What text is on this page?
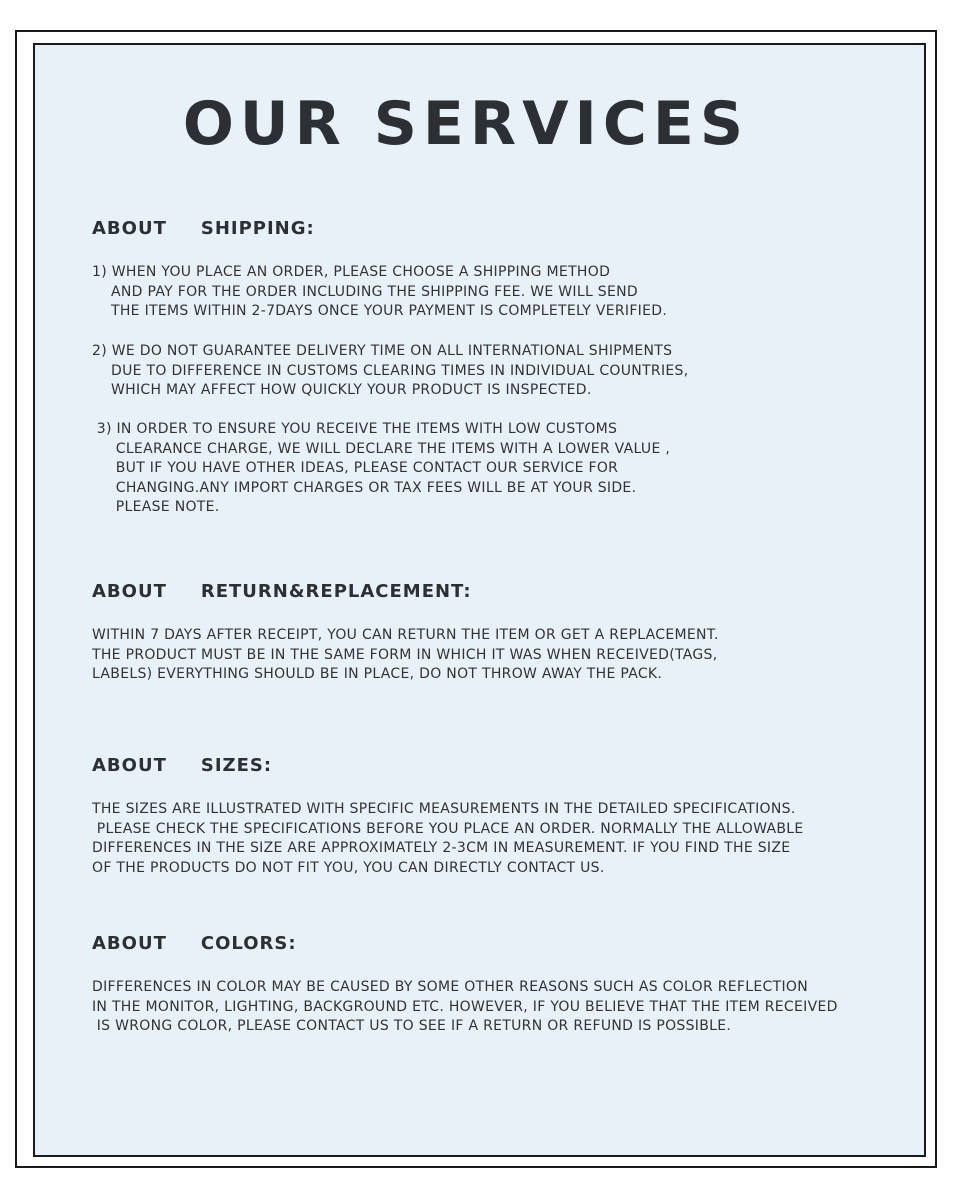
OUR SERVICES
ABOUT SHIPPING:

1) WHEN YOU PLACE AN ORDER, PLEASE CHOOSE A SHIPPING METHOD
AND PAY FOR THE ORDER INCLUDING THE SHIPPING FEE. WE WILL SEND
THE ITEMS WITHIN 2-7DAYS ONCE YOUR PAYMENT IS COMPLETELY VERIFIED.

2) WE DO NOT GUARANTEE DELIVERY TIME ON ALL INTERNATIONAL SHIPMENTS
DUE TO DIFFERENCE IN CUSTOMS CLEARING TIMES IN INDIVIDUAL COUNTRIES,
WHICH MAY AFFECT HOW QUICKLY YOUR PRODUCT IS INSPECTED.

3) IN ORDER TO ENSURE YOU RECEIVE THE ITEMS WITH LOW CUSTOMS
CLEARANCE CHARGE, WE WILL DECLARE THE ITEMS WITH A LOWER VALUE ,
BUT IF YOU HAVE OTHER IDEAS, PLEASE CONTACT OUR SERVICE FOR
CHANGING.ANY IMPORT CHARGES OR TAX FEES WILL BE AT YOUR SIDE.
PLEASE NOTE.

ABOUT RETURN&REPLACEMENT:

WITHIN 7 DAYS AFTER RECEIPT, YOU CAN RETURN THE ITEM OR GET A REPLACEMENT.
THE PRODUCT MUST BE IN THE SAME FORM IN WHICH IT WAS WHEN RECEIVED(TAGS,
LABELS) EVERYTHING SHOULD BE IN PLACE, DO NOT THROW AWAY THE PACK.

ABOUT SIZES:

THE SIZES ARE ILLUSTRATED WITH SPECIFIC MEASUREMENTS IN THE DETAILED SPECIFICATIONS.
PLEASE CHECK THE SPECIFICATIONS BEFORE YOU PLACE AN ORDER. NORMALLY THE ALLOWABLE
DIFFERENCES IN THE SIZE ARE APPROXIMATELY 2-3CM IN MEASUREMENT. IF YOU FIND THE SIZE
OF THE PRODUCTS DO NOT FIT YOU, YOU CAN DIRECTLY CONTACT US.

ABOUT COLORS:

DIFFERENCES IN COLOR MAY BE CAUSED BY SOME OTHER REASONS SUCH AS COLOR REFLECTION
IN THE MONITOR, LIGHTING, BACKGROUND ETC. HOWEVER, IF YOU BELIEVE THAT THE ITEM RECEIVED
IS WRONG COLOR, PLEASE CONTACT US TO SEE IF A RETURN OR REFUND IS POSSIBLE.
